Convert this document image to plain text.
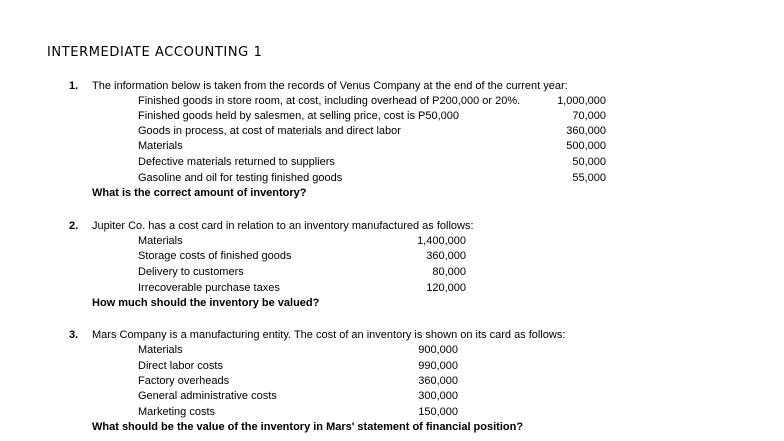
INTERMEDIATE ACCOUNTING 1
1. The information below is taken from the records of Venus Company at the end of the current year:
Finished goods in store room, at cost, including overhead of P200,000 or 20%.	1,000,000
Finished goods held by salesmen, at selling price, cost is P50,000	70,000
Goods in process, at cost of materials and direct labor	360,000
Materials	500,000
Defective materials returned to suppliers	50,000
Gasoline and oil for testing finished goods	55,000
What is the correct amount of inventory?
2. Jupiter Co. has a cost card in relation to an inventory manufactured as follows:
Materials	1,400,000
Storage costs of finished goods	360,000
Delivery to customers	80,000
Irrecoverable purchase taxes	120,000
How much should the inventory be valued?
3. Mars Company is a manufacturing entity. The cost of an inventory is shown on its card as follows:
Materials	900,000
Direct labor costs	990,000
Factory overheads	360,000
General administrative costs	300,000
Marketing costs	150,000
What should be the value of the inventory in Mars' statement of financial position?
